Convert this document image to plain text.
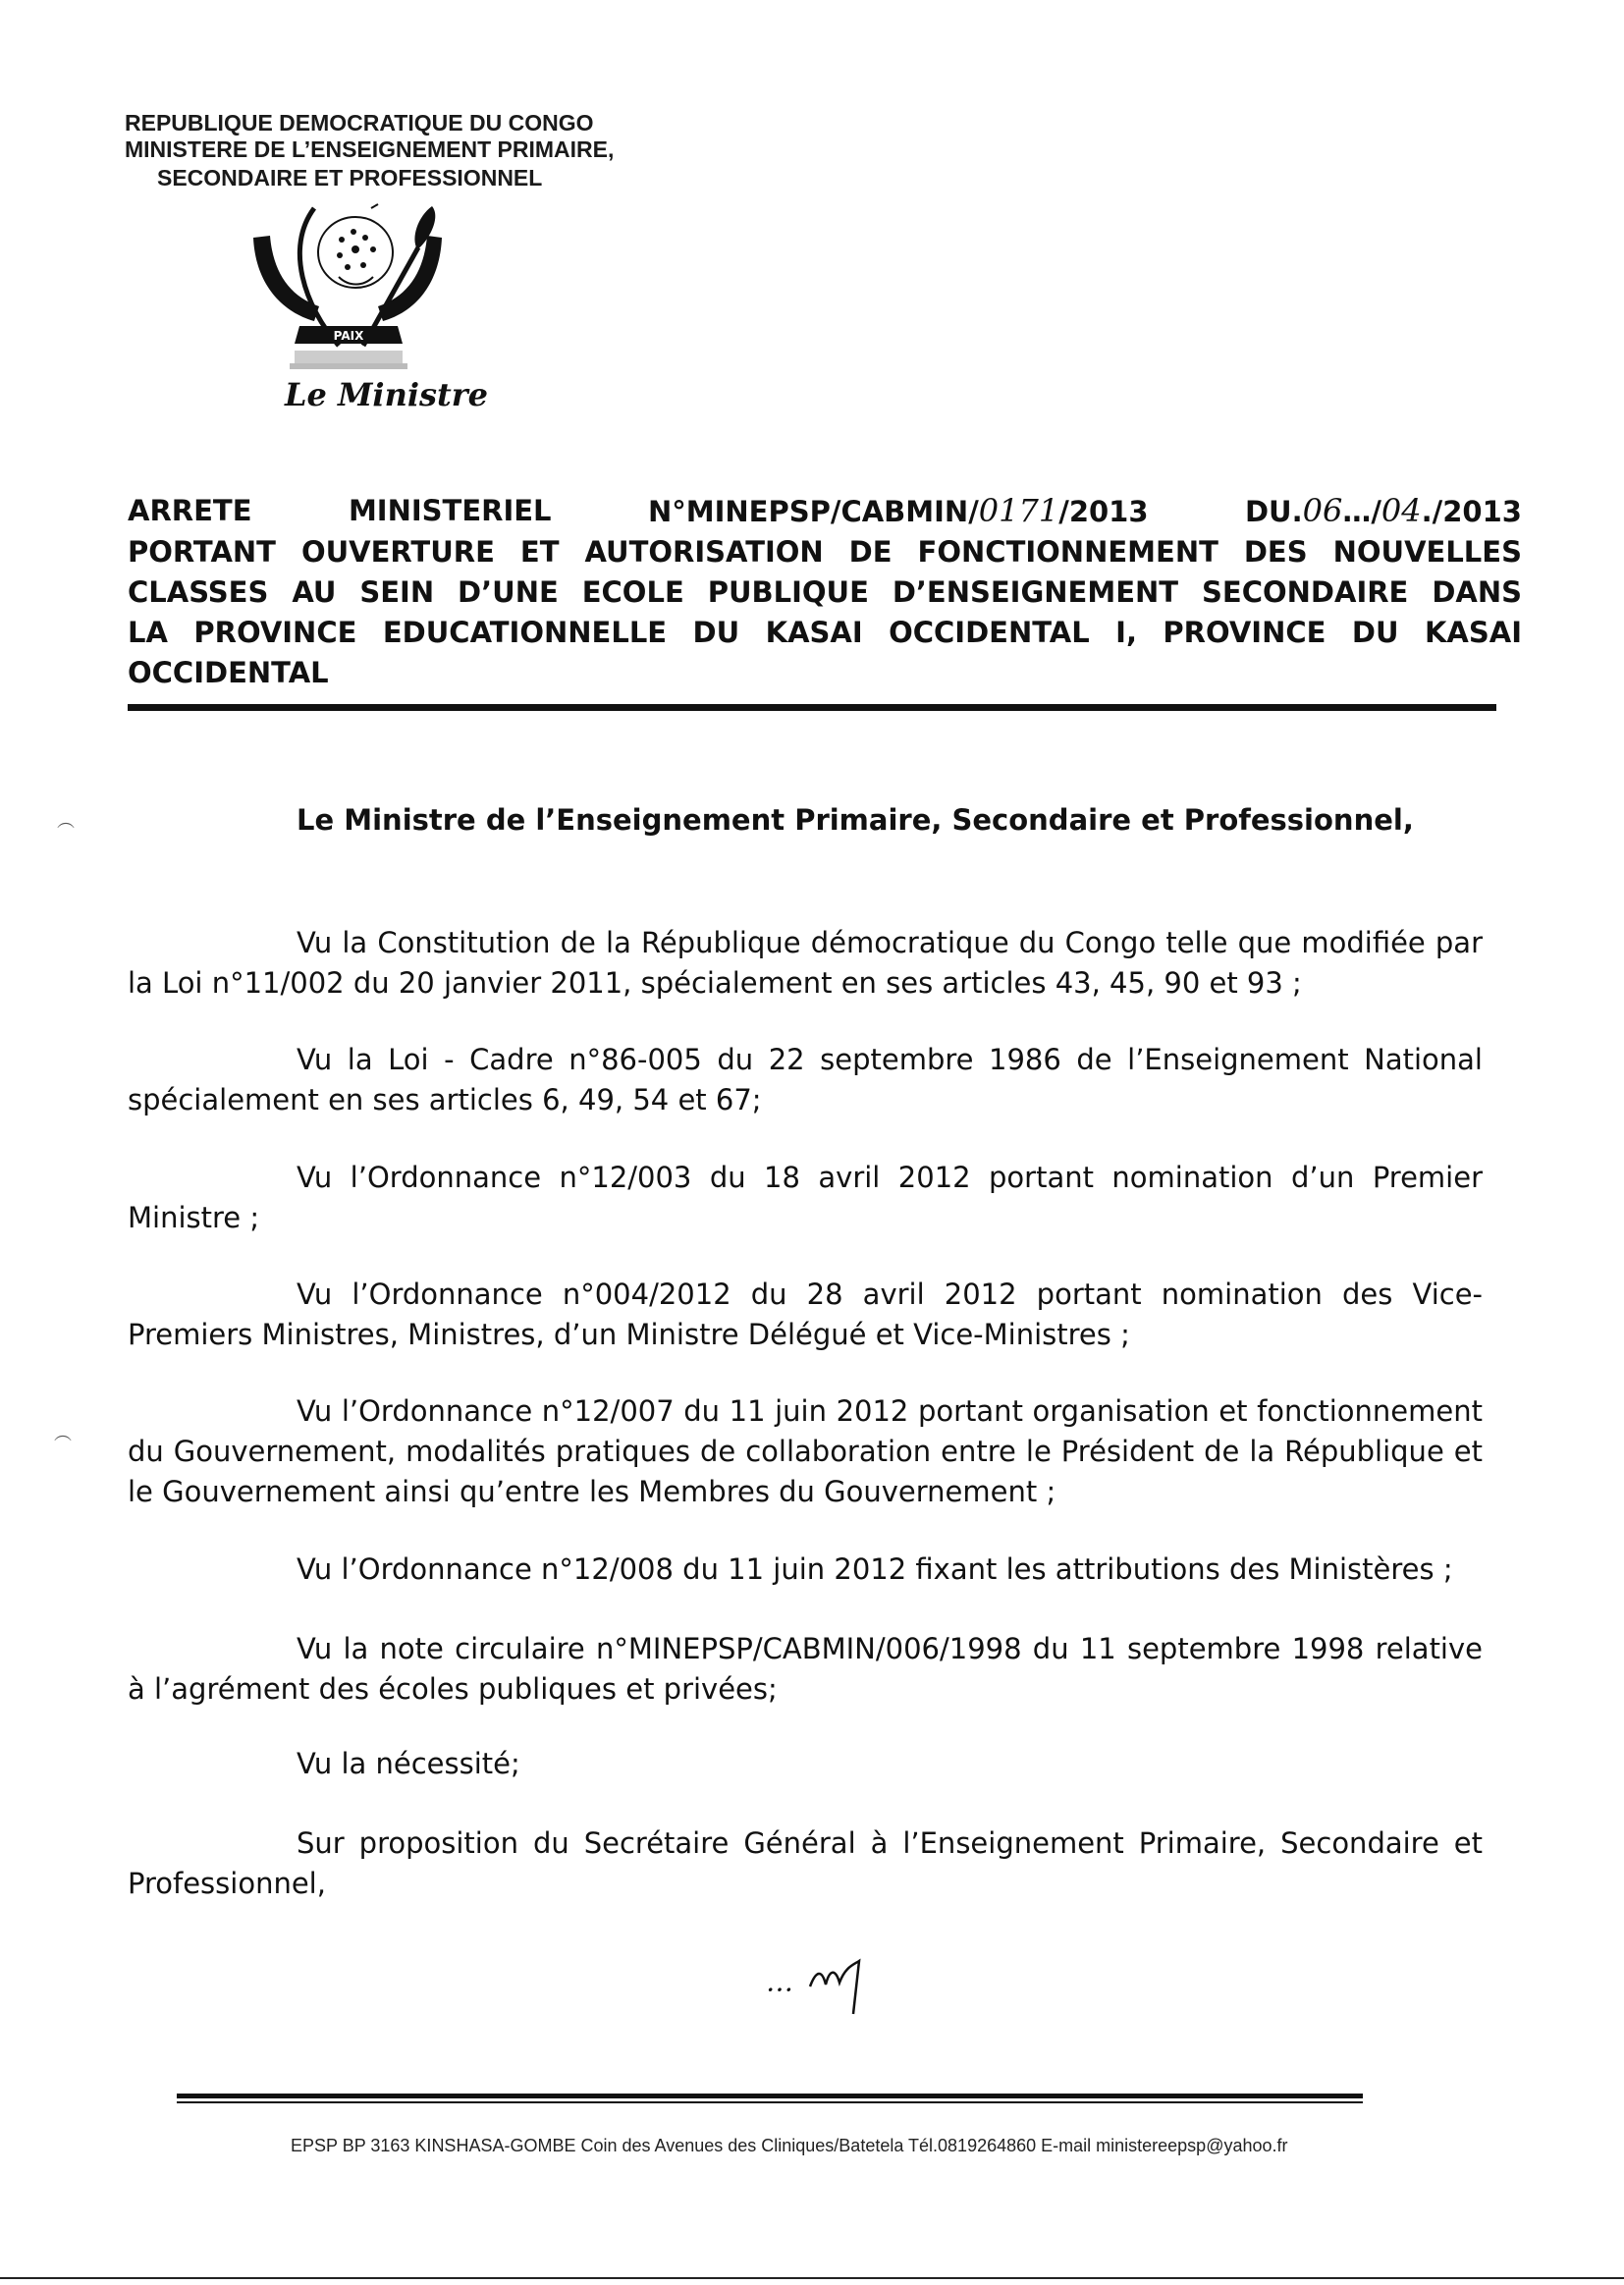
REPUBLIQUE DEMOCRATIQUE DU CONGO
MINISTERE DE L’ENSEIGNEMENT PRIMAIRE,
SECONDAIRE ET PROFESSIONNEL
PAIX
Le Ministre
ARRETE	MINISTERIEL	N°MINEPSP/CABMIN/0171/2013	DU.06…/04./2013
PORTANT OUVERTURE ET AUTORISATION DE FONCTIONNEMENT DES NOUVELLES
CLASSES AU SEIN D’UNE ECOLE PUBLIQUE D’ENSEIGNEMENT SECONDAIRE DANS
LA PROVINCE EDUCATIONNELLE DU KASAI OCCIDENTAL I, PROVINCE DU KASAI
OCCIDENTAL
︵	Le Ministre de l’Enseignement Primaire, Secondaire et Professionnel,
Vu la Constitution de la République démocratique du Congo telle que modifiée par la Loi n°11/002 du 20 janvier 2011, spécialement en ses articles 43, 45, 90 et 93 ;
Vu la Loi - Cadre n°86-005 du 22 septembre 1986 de l’Enseignement National spécialement en ses articles 6, 49, 54 et 67;
Vu l’Ordonnance n°12/003 du 18 avril 2012 portant nomination d’un Premier Ministre ;
Vu l’Ordonnance n°004/2012 du 28 avril 2012 portant nomination des Vice-Premiers Ministres, Ministres, d’un Ministre Délégué et Vice-Ministres ;
︵
Vu l’Ordonnance n°12/007 du 11 juin 2012 portant organisation et fonctionnement du Gouvernement, modalités pratiques de collaboration entre le Président de la République et le Gouvernement ainsi qu’entre les Membres du Gouvernement ;
Vu l’Ordonnance n°12/008 du 11 juin 2012 fixant les attributions des Ministères ;
Vu la note circulaire n°MINEPSP/CABMIN/006/1998 du 11 septembre 1998 relative à l’agrément des écoles publiques et privées;
Vu la nécessité;
Sur proposition du Secrétaire Général à l’Enseignement Primaire, Secondaire et Professionnel,
…
EPSP BP 3163 KINSHASA-GOMBE Coin des Avenues des Cliniques/Batetela Tél.0819264860 E-mail ministereepsp@yahoo.fr
